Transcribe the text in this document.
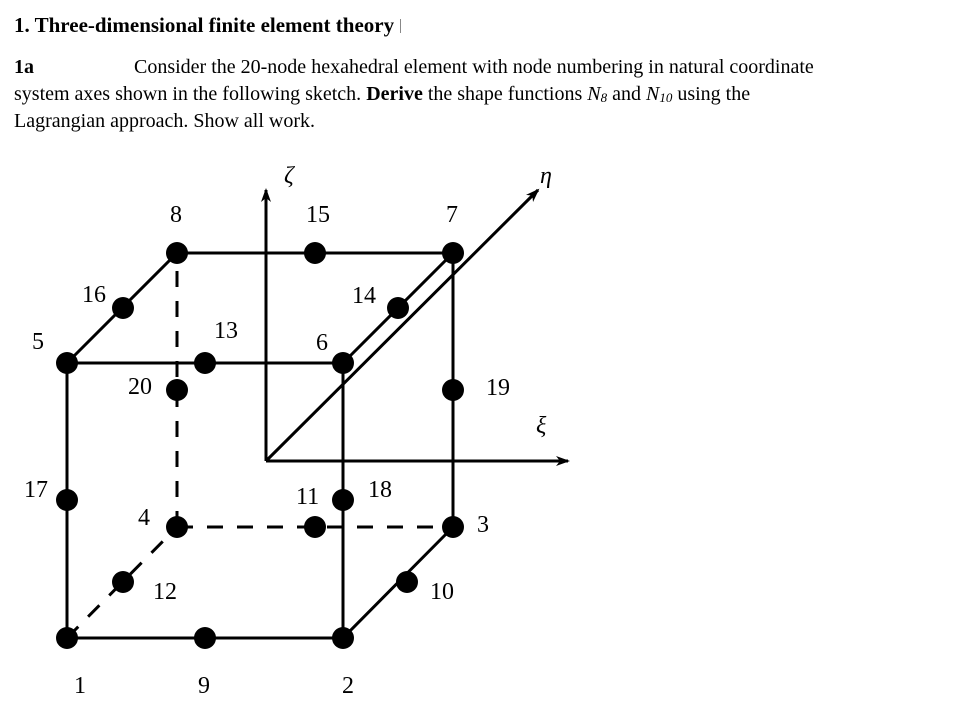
1. Three-dimensional finite element theory
1a	Consider the 20-node hexahedral element with node numbering in natural coordinate
system axes shown in the following sketch. Derive the shape functions $N_8$ and $N_{10}$ using the
Lagrangian approach. Show all work.
ζ	η
ξ
1	2
3
4
5	6
7
8
9
10
11
12
13
14
15
16
17	18
19
20
